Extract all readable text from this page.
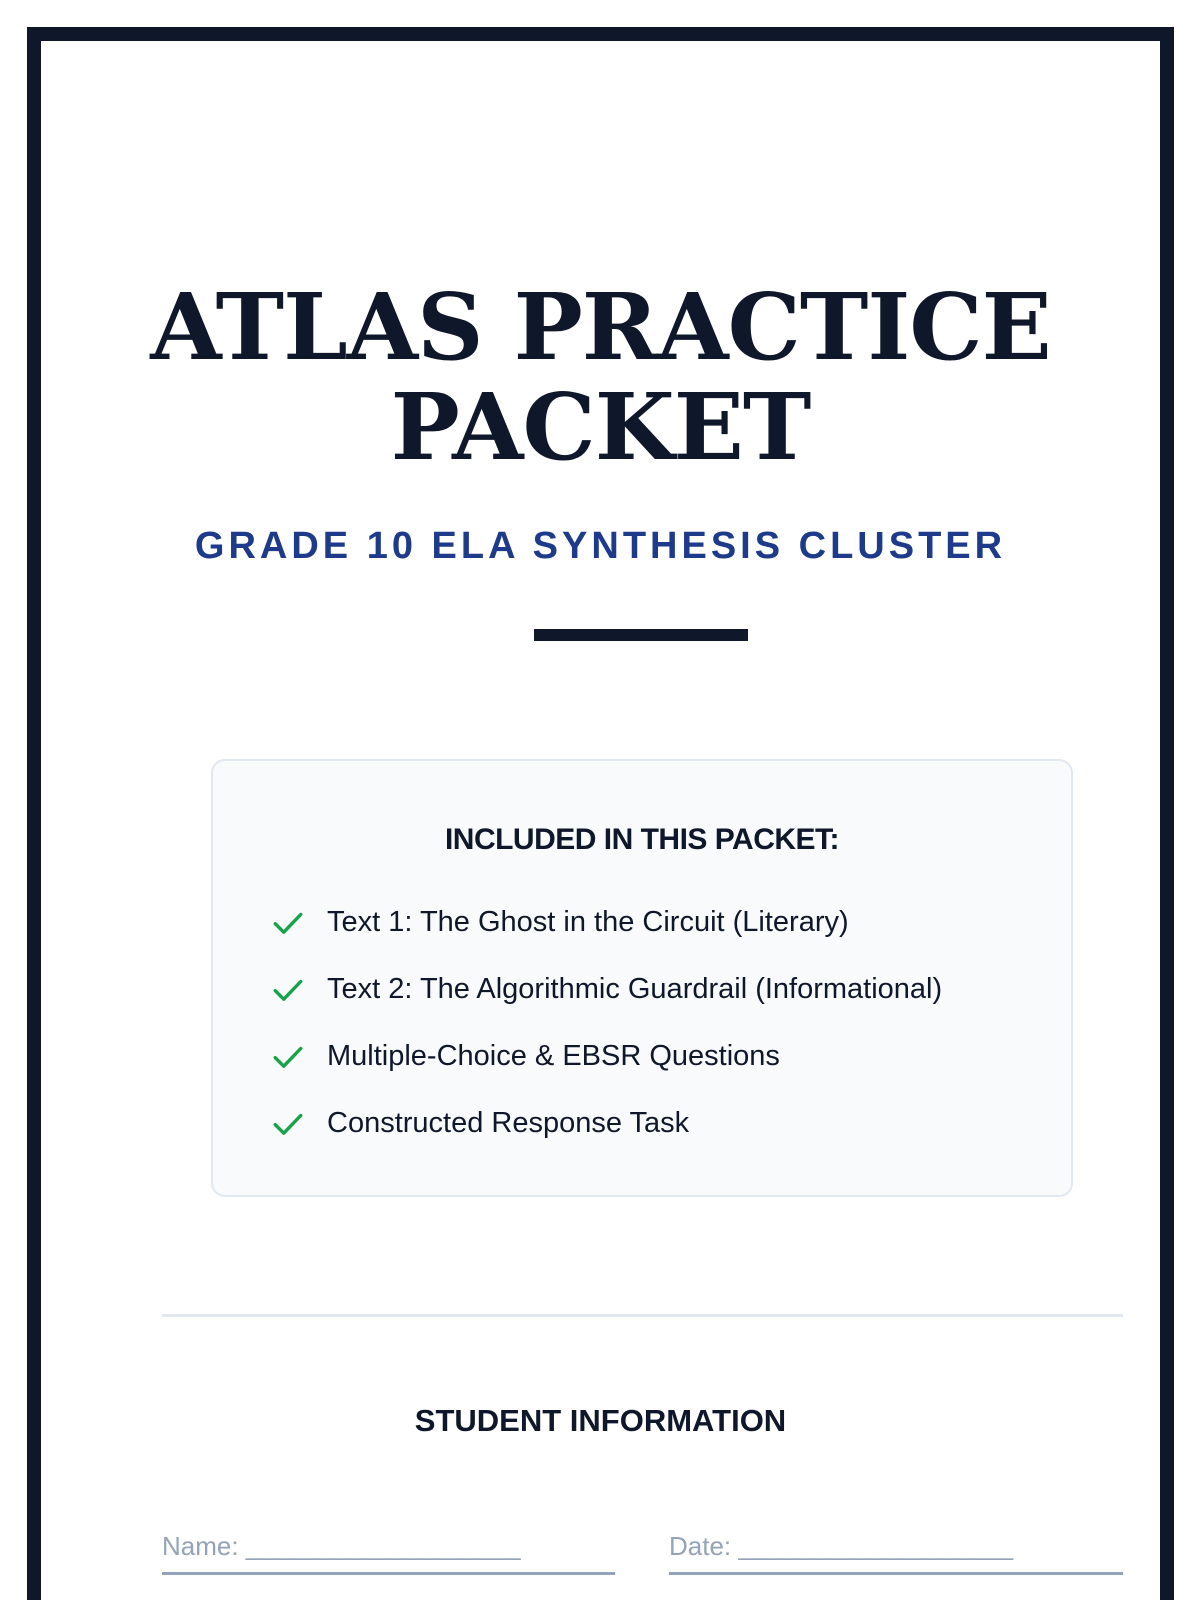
ATLAS PRACTICE
PACKET
GRADE 10 ELA SYNTHESIS CLUSTER
INCLUDED IN THIS PACKET:
Text 1: The Ghost in the Circuit (Literary)
Text 2: The Algorithmic Guardrail (Informational)
Multiple-Choice & EBSR Questions
Constructed Response Task
STUDENT INFORMATION
Name: ___________________	Date: ___________________
